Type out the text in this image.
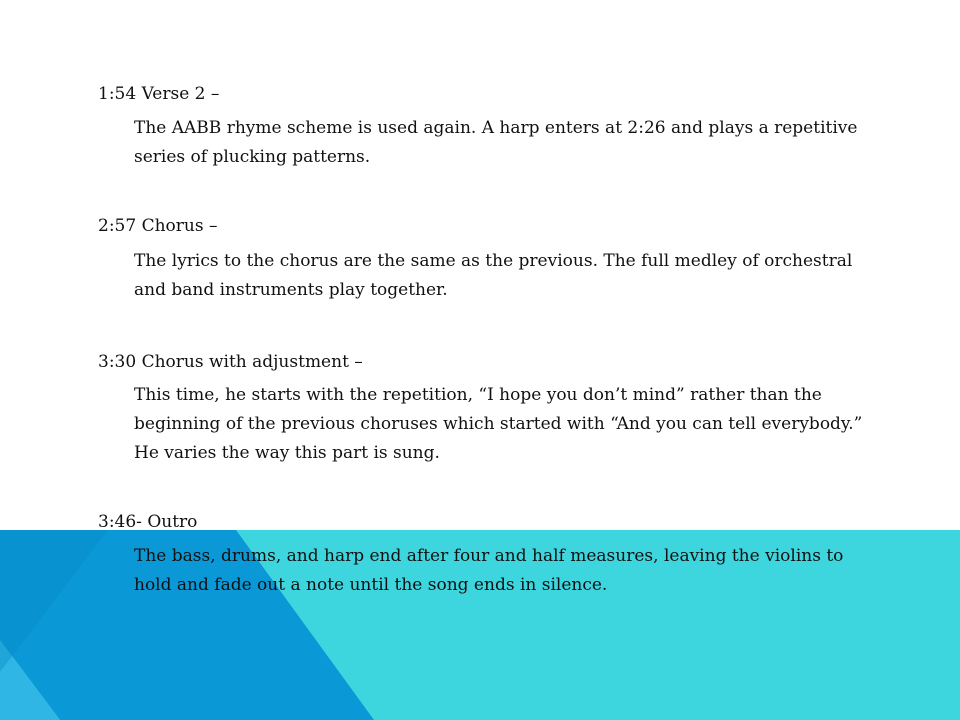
1:54 Verse 2 –

The AABB rhyme scheme is used again. A harp enters at 2:26 and plays a repetitive series of plucking patterns.

2:57 Chorus –

The lyrics to the chorus are the same as the previous. The full medley of orchestral and band instruments play together.

3:30 Chorus with adjustment –

This time, he starts with the repetition, “I hope you don’t mind” rather than the beginning of the previous choruses which started with “And you can tell everybody.” He varies the way this part is sung.

3:46- Outro

The bass, drums, and harp end after four and half measures, leaving the violins to hold and fade out a note until the song ends in silence.
